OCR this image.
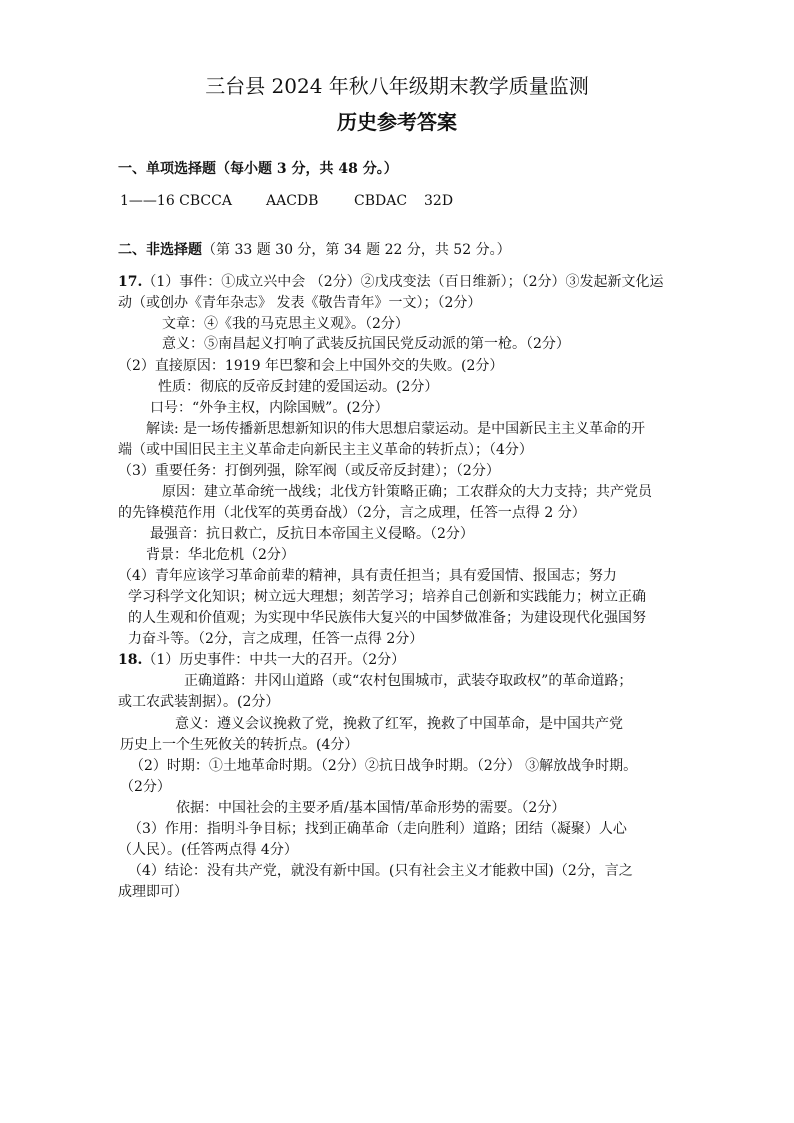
三台县 2024 年秋八年级期末教学质量监测
历史参考答案
一、单项选择题（每小题 3 分，共 48 分。）
1——16 CBCCA AACDB	CBDAC 32D
二、非选择题（第 33 题 30 分，第 34 题 22 分，共 52 分。）
17.（1）事件：①成立兴中会 （2分）②戊戌变法（百日维新）；（2分）③发起新文化运
动（或创办《青年杂志》 发表《敬告青年》一文）；（2分）
文章：④《我的马克思主义观》。（2分）
意义：⑤南昌起义打响了武装反抗国民党反动派的第一枪。（2分）
（2）直接原因：1919 年巴黎和会上中国外交的失败。(2分）
性质：彻底的反帝反封建的爱国运动。(2分）
口号：“外争主权，内除国贼”。(2分）
解读: 是一场传播新思想新知识的伟大思想启蒙运动。是中国新民主主义革命的开
端（或中国旧民主主义革命走向新民主主义革命的转折点）；（4分）
（3）重要任务：打倒列强，除军阀（或反帝反封建）；（2分）
原因：建立革命统一战线；北伐方针策略正确；工农群众的大力支持；共产党员
的先锋模范作用（北伐军的英勇奋战）（2分，言之成理，任答一点得 2 分）
最强音：抗日救亡，反抗日本帝国主义侵略。（2分）
背景：华北危机（2分）
（4）青年应该学习革命前辈的精神，具有责任担当；具有爱国情、报国志；努力
学习科学文化知识；树立远大理想；刻苦学习；培养自己创新和实践能力；树立正确
的人生观和价值观；为实现中华民族伟大复兴的中国梦做准备；为建设现代化强国努
力奋斗等。（2分，言之成理，任答一点得 2分）
18.（1）历史事件：中共一大的召开。（2分）
正确道路：井冈山道路（或“农村包围城市，武装夺取政权”的革命道路；
或工农武装割据）。(2分）
意义：遵义会议挽救了党，挽救了红军，挽救了中国革命，是中国共产党
历史上一个生死攸关的转折点。(4分）
（2）时期：①土地革命时期。（2分）②抗日战争时期。（2分） ③解放战争时期。
（2分）
依据：中国社会的主要矛盾/基本国情/革命形势的需要。（2分）
（3）作用：指明斗争目标；找到正确革命（走向胜利）道路；团结（凝聚）人心
（人民）。(任答两点得 4分）
（4）结论：没有共产党，就没有新中国。(只有社会主义才能救中国)（2分，言之
成理即可）
